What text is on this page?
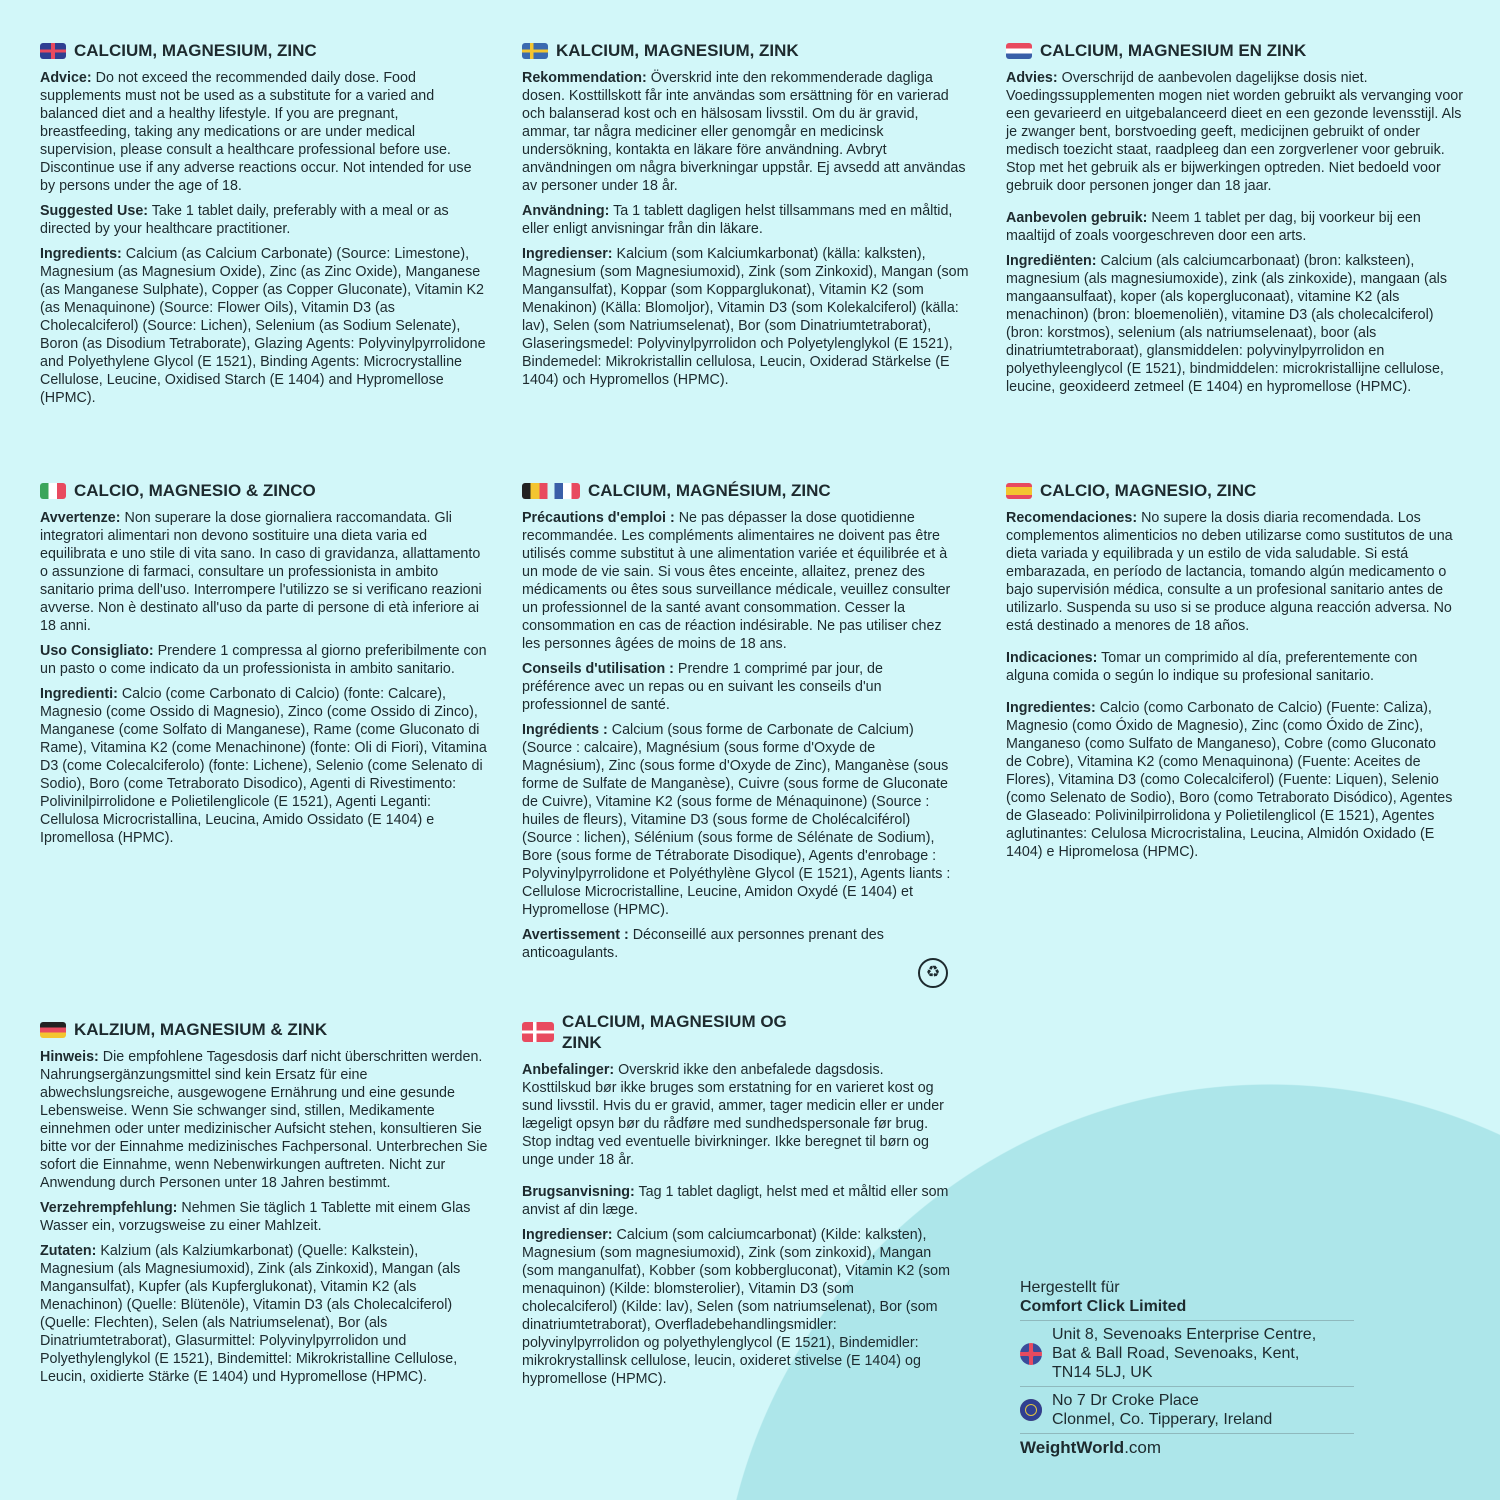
CALCIUM, MAGNESIUM, ZINC

Advice: Do not exceed the recommended daily dose. Food supplements must not be used as a substitute for a varied and balanced diet and a healthy lifestyle. If you are pregnant, breastfeeding, taking any medications or are under medical supervision, please consult a healthcare professional before use. Discontinue use if any adverse reactions occur. Not intended for use by persons under the age of 18.

Suggested Use: Take 1 tablet daily, preferably with a meal or as directed by your healthcare practitioner.

Ingredients: Calcium (as Calcium Carbonate) (Source: Limestone), Magnesium (as Magnesium Oxide), Zinc (as Zinc Oxide), Manganese (as Manganese Sulphate), Copper (as Copper Gluconate), Vitamin K2 (as Menaquinone) (Source: Flower Oils), Vitamin D3 (as Cholecalciferol) (Source: Lichen), Selenium (as Sodium Selenate), Boron (as Disodium Tetraborate), Glazing Agents: Polyvinylpyrrolidone and Polyethylene Glycol (E 1521), Binding Agents: Microcrystalline Cellulose, Leucine, Oxidised Starch (E 1404) and Hypromellose (HPMC).

KALCIUM, MAGNESIUM, ZINK

Rekommendation: Överskrid inte den rekommenderade dagliga dosen. Kosttillskott får inte användas som ersättning för en varierad och balanserad kost och en hälsosam livsstil. Om du är gravid, ammar, tar några mediciner eller genomgår en medicinsk undersökning, kontakta en läkare före användning. Avbryt användningen om några biverkningar uppstår. Ej avsedd att användas av personer under 18 år.

Användning: Ta 1 tablett dagligen helst tillsammans med en måltid, eller enligt anvisningar från din läkare.

Ingredienser: Kalcium (som Kalciumkarbonat) (källa: kalksten), Magnesium (som Magnesiumoxid), Zink (som Zinkoxid), Mangan (som Mangansulfat), Koppar (som Kopparglukonat), Vitamin K2 (som Menakinon) (Källa: Blomoljor), Vitamin D3 (som Kolekalciferol) (källa: lav), Selen (som Natriumselenat), Bor (som Dinatriumtetraborat), Glaseringsmedel: Polyvinylpyrrolidon och Polyetylenglykol (E 1521), Bindemedel: Mikrokristallin cellulosa, Leucin, Oxiderad Stärkelse (E 1404) och Hypromellos (HPMC).

CALCIUM, MAGNESIUM EN ZINK

Advies: Overschrijd de aanbevolen dagelijkse dosis niet. Voedingssupplementen mogen niet worden gebruikt als vervanging voor een gevarieerd en uitgebalanceerd dieet en een gezonde levensstijl. Als je zwanger bent, borstvoeding geeft, medicijnen gebruikt of onder medisch toezicht staat, raadpleeg dan een zorgverlener voor gebruik. Stop met het gebruik als er bijwerkingen optreden. Niet bedoeld voor gebruik door personen jonger dan 18 jaar.

Aanbevolen gebruik: Neem 1 tablet per dag, bij voorkeur bij een maaltijd of zoals voorgeschreven door een arts.

Ingrediënten: Calcium (als calciumcarbonaat) (bron: kalksteen), magnesium (als magnesiumoxide), zink (als zinkoxide), mangaan (als mangaansulfaat), koper (als kopergluconaat), vitamine K2 (als menachinon) (bron: bloemenoliën), vitamine D3 (als cholecalciferol) (bron: korstmos), selenium (als natriumselenaat), boor (als dinatriumtetraboraat), glansmiddelen: polyvinylpyrrolidon en polyethyleenglycol (E 1521), bindmiddelen: microkristallijne cellulose, leucine, geoxideerd zetmeel (E 1404) en hypromellose (HPMC).

CALCIO, MAGNESIO & ZINCO

Avvertenze: Non superare la dose giornaliera raccomandata. Gli integratori alimentari non devono sostituire una dieta varia ed equilibrata e uno stile di vita sano. In caso di gravidanza, allattamento o assunzione di farmaci, consultare un professionista in ambito sanitario prima dell'uso. Interrompere l'utilizzo se si verificano reazioni avverse. Non è destinato all'uso da parte di persone di età inferiore ai 18 anni.

Uso Consigliato: Prendere 1 compressa al giorno preferibilmente con un pasto o come indicato da un professionista in ambito sanitario.

Ingredienti: Calcio (come Carbonato di Calcio) (fonte: Calcare), Magnesio (come Ossido di Magnesio), Zinco (come Ossido di Zinco), Manganese (come Solfato di Manganese), Rame (come Gluconato di Rame), Vitamina K2 (come Menachinone) (fonte: Oli di Fiori), Vitamina D3 (come Colecalciferolo) (fonte: Lichene), Selenio (come Selenato di Sodio), Boro (come Tetraborato Disodico), Agenti di Rivestimento: Polivinilpirrolidone e Polietilenglicole (E 1521), Agenti Leganti: Cellulosa Microcristallina, Leucina, Amido Ossidato (E 1404) e Ipromellosa (HPMC).

CALCIUM, MAGNÉSIUM, ZINC

Précautions d'emploi : Ne pas dépasser la dose quotidienne recommandée. Les compléments alimentaires ne doivent pas être utilisés comme substitut à une alimentation variée et équilibrée et à un mode de vie sain. Si vous êtes enceinte, allaitez, prenez des médicaments ou êtes sous surveillance médicale, veuillez consulter un professionnel de la santé avant consommation. Cesser la consommation en cas de réaction indésirable. Ne pas utiliser chez les personnes âgées de moins de 18 ans.

Conseils d'utilisation : Prendre 1 comprimé par jour, de préférence avec un repas ou en suivant les conseils d'un professionnel de santé.

Ingrédients : Calcium (sous forme de Carbonate de Calcium) (Source : calcaire), Magnésium (sous forme d'Oxyde de Magnésium), Zinc (sous forme d'Oxyde de Zinc), Manganèse (sous forme de Sulfate de Manganèse), Cuivre (sous forme de Gluconate de Cuivre), Vitamine K2 (sous forme de Ménaquinone) (Source : huiles de fleurs), Vitamine D3 (sous forme de Cholécalciférol) (Source : lichen), Sélénium (sous forme de Sélénate de Sodium), Bore (sous forme de Tétraborate Disodique), Agents d'enrobage : Polyvinylpyrrolidone et Polyéthylène Glycol (E 1521), Agents liants : Cellulose Microcristalline, Leucine, Amidon Oxydé (E 1404) et Hypromellose (HPMC).

Avertissement : Déconseillé aux personnes prenant des anticoagulants.

CALCIO, MAGNESIO, ZINC

Recomendaciones: No supere la dosis diaria recomendada. Los complementos alimenticios no deben utilizarse como sustitutos de una dieta variada y equilibrada y un estilo de vida saludable. Si está embarazada, en período de lactancia, tomando algún medicamento o bajo supervisión médica, consulte a un profesional sanitario antes de utilizarlo. Suspenda su uso si se produce alguna reacción adversa. No está destinado a menores de 18 años.

Indicaciones: Tomar un comprimido al día, preferentemente con alguna comida o según lo indique su profesional sanitario.

Ingredientes: Calcio (como Carbonato de Calcio) (Fuente: Caliza), Magnesio (como Óxido de Magnesio), Zinc (como Óxido de Zinc), Manganeso (como Sulfato de Manganeso), Cobre (como Gluconato de Cobre), Vitamina K2 (como Menaquinona) (Fuente: Aceites de Flores), Vitamina D3 (como Colecalciferol) (Fuente: Liquen), Selenio (como Selenato de Sodio), Boro (como Tetraborato Disódico), Agentes de Glaseado: Polivinilpirrolidona y Polietilenglicol (E 1521), Agentes aglutinantes: Celulosa Microcristalina, Leucina, Almidón Oxidado (E 1404) e Hipromelosa (HPMC).

KALZIUM, MAGNESIUM & ZINK

Hinweis: Die empfohlene Tagesdosis darf nicht überschritten werden. Nahrungsergänzungsmittel sind kein Ersatz für eine abwechslungsreiche, ausgewogene Ernährung und eine gesunde Lebensweise. Wenn Sie schwanger sind, stillen, Medikamente einnehmen oder unter medizinischer Aufsicht stehen, konsultieren Sie bitte vor der Einnahme medizinisches Fachpersonal. Unterbrechen Sie sofort die Einnahme, wenn Nebenwirkungen auftreten. Nicht zur Anwendung durch Personen unter 18 Jahren bestimmt.

Verzehrempfehlung: Nehmen Sie täglich 1 Tablette mit einem Glas Wasser ein, vorzugsweise zu einer Mahlzeit.

Zutaten: Kalzium (als Kalziumkarbonat) (Quelle: Kalkstein), Magnesium (als Magnesiumoxid), Zink (als Zinkoxid), Mangan (als Mangansulfat), Kupfer (als Kupferglukonat), Vitamin K2 (als Menachinon) (Quelle: Blütenöle), Vitamin D3 (als Cholecalciferol) (Quelle: Flechten), Selen (als Natriumselenat), Bor (als Dinatriumtetraborat), Glasurmittel: Polyvinylpyrrolidon und Polyethylenglykol (E 1521), Bindemittel: Mikrokristalline Cellulose, Leucin, oxidierte Stärke (E 1404) und Hypromellose (HPMC).

CALCIUM, MAGNESIUM OG ZINK

Anbefalinger: Overskrid ikke den anbefalede dagsdosis. Kosttilskud bør ikke bruges som erstatning for en varieret kost og sund livsstil. Hvis du er gravid, ammer, tager medicin eller er under lægeligt opsyn bør du rådføre med sundhedspersonale før brug. Stop indtag ved eventuelle bivirkninger. Ikke beregnet til børn og unge under 18 år.

Brugsanvisning: Tag 1 tablet dagligt, helst med et måltid eller som anvist af din læge.

Ingredienser: Calcium (som calciumcarbonat) (Kilde: kalksten), Magnesium (som magnesiumoxid), Zink (som zinkoxid), Mangan (som manganulfat), Kobber (som kobbergluconat), Vitamin K2 (som menaquinon) (Kilde: blomsterolier), Vitamin D3 (som cholecalciferol) (Kilde: lav), Selen (som natriumselenat), Bor (som dinatriumtetraborat), Overfladebehandlingsmidler: polyvinylpyrrolidon og polyethylenglycol (E 1521), Bindemidler: mikrokrystallinsk cellulose, leucin, oxideret stivelse (E 1404) og hypromellose (HPMC).

♻
Hergestellt für
Comfort Click Limited
Unit 8, Sevenoaks Enterprise Centre,
Bat & Ball Road, Sevenoaks, Kent,
TN14 5LJ, UK
No 7 Dr Croke Place
Clonmel, Co. Tipperary, Ireland
WeightWorld.com
